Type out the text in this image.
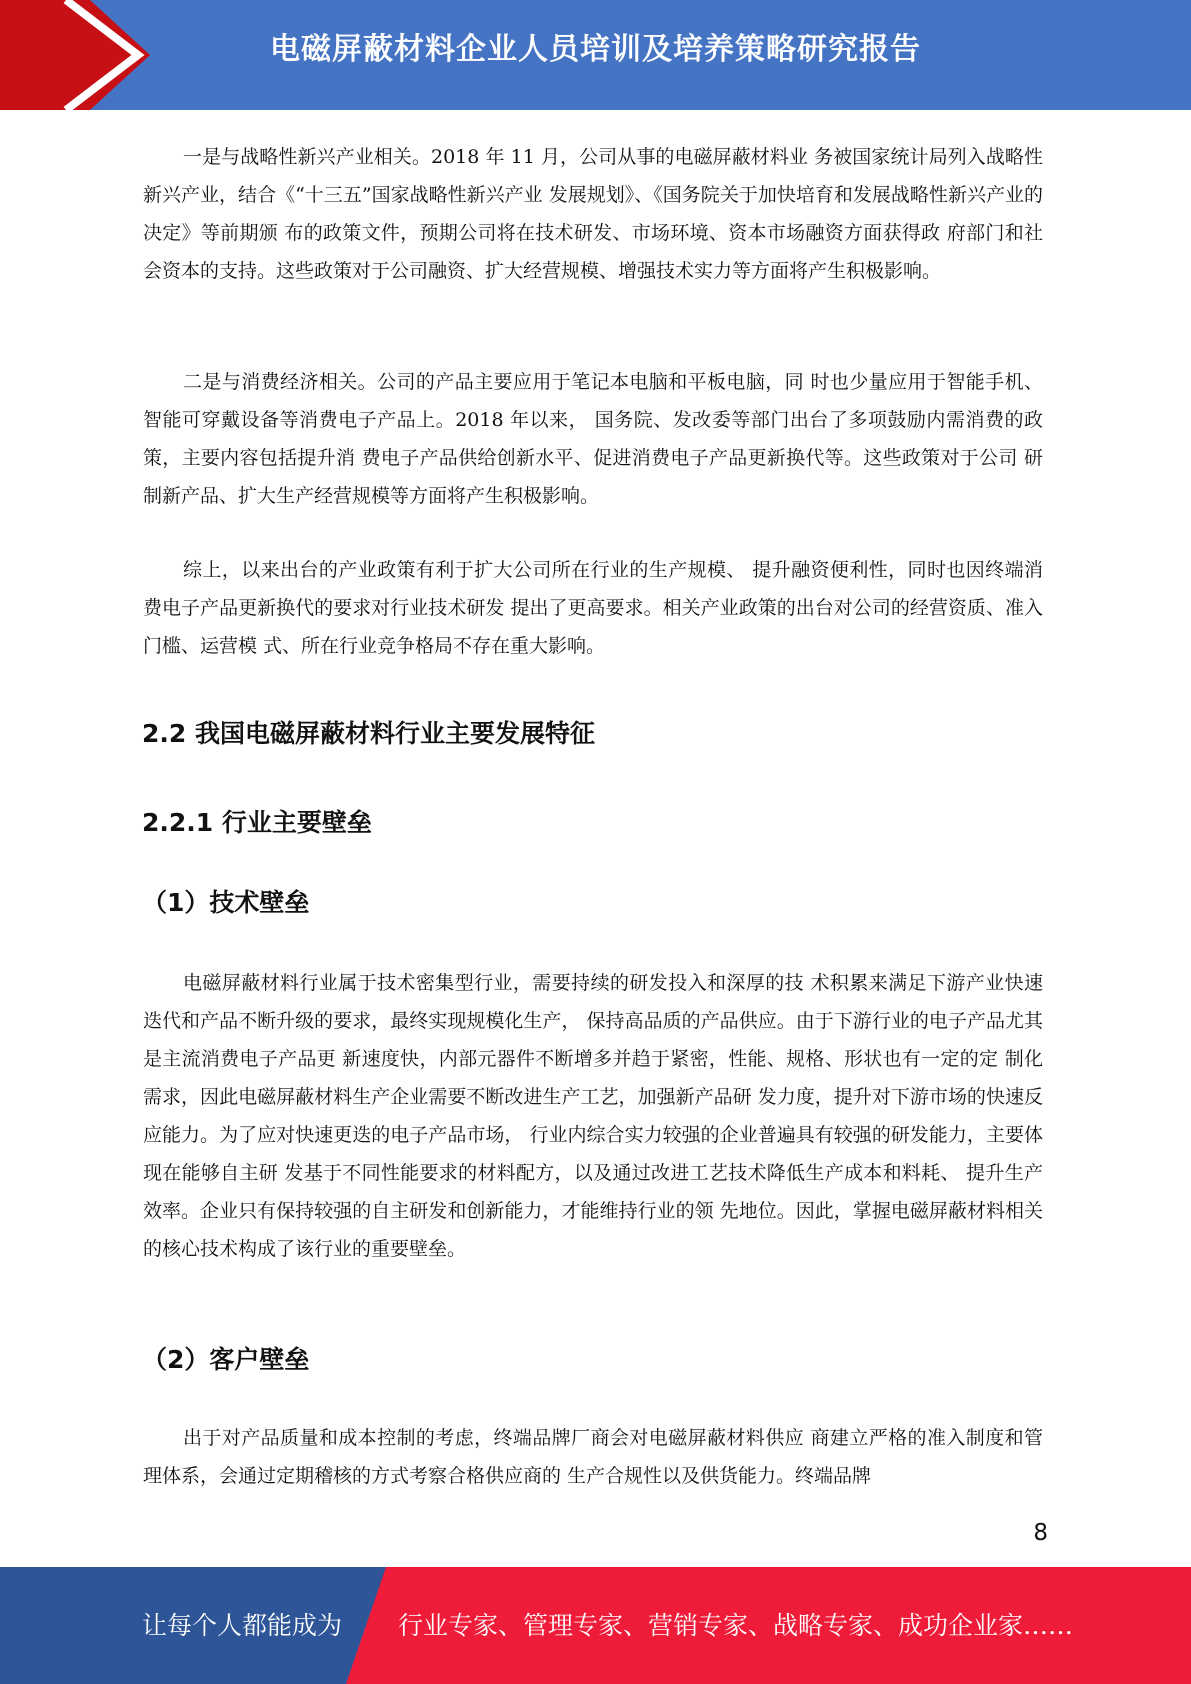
电磁屏蔽材料企业人员培训及培养策略研究报告

一是与战略性新兴产业相关。2018 年 11 月，公司从事的电磁屏蔽材料业 务被国家统计局列入战略性新兴产业，结合《“十三五”国家战略性新兴产业 发展规划》、《国务院关于加快培育和发展战略性新兴产业的决定》等前期颁 布的政策文件，预期公司将在技术研发、市场环境、资本市场融资方面获得政 府部门和社会资本的支持。这些政策对于公司融资、扩大经营规模、增强技术实力等方面将产生积极影响。

二是与消费经济相关。公司的产品主要应用于笔记本电脑和平板电脑，同 时也少量应用于智能手机、智能可穿戴设备等消费电子产品上。2018 年以来， 国务院、发改委等部门出台了多项鼓励内需消费的政策，主要内容包括提升消 费电子产品供给创新水平、促进消费电子产品更新换代等。这些政策对于公司 研制新产品、扩大生产经营规模等方面将产生积极影响。

综上，以来出台的产业政策有利于扩大公司所在行业的生产规模、 提升融资便利性，同时也因终端消费电子产品更新换代的要求对行业技术研发 提出了更高要求。相关产业政策的出台对公司的经营资质、准入门槛、运营模 式、所在行业竞争格局不存在重大影响。

2.2 我国电磁屏蔽材料行业主要发展特征
2.2.1 行业主要壁垒
（1）技术壁垒

电磁屏蔽材料行业属于技术密集型行业，需要持续的研发投入和深厚的技 术积累来满足下游产业快速迭代和产品不断升级的要求，最终实现规模化生产， 保持高品质的产品供应。由于下游行业的电子产品尤其是主流消费电子产品更 新速度快，内部元器件不断增多并趋于紧密，性能、规格、形状也有一定的定 制化需求，因此电磁屏蔽材料生产企业需要不断改进生产工艺，加强新产品研 发力度，提升对下游市场的快速反应能力。为了应对快速更迭的电子产品市场， 行业内综合实力较强的企业普遍具有较强的研发能力，主要体现在能够自主研 发基于不同性能要求的材料配方，以及通过改进工艺技术降低生产成本和料耗、 提升生产效率。企业只有保持较强的自主研发和创新能力，才能维持行业的领 先地位。因此，掌握电磁屏蔽材料相关的核心技术构成了该行业的重要壁垒。

（2）客户壁垒

出于对产品质量和成本控制的考虑，终端品牌厂商会对电磁屏蔽材料供应 商建立严格的准入制度和管理体系，会通过定期稽核的方式考察合格供应商的 生产合规性以及供货能力。终端品牌

8
让每个人都能成为 行业专家、管理专家、营销专家、战略专家、成功企业家……
